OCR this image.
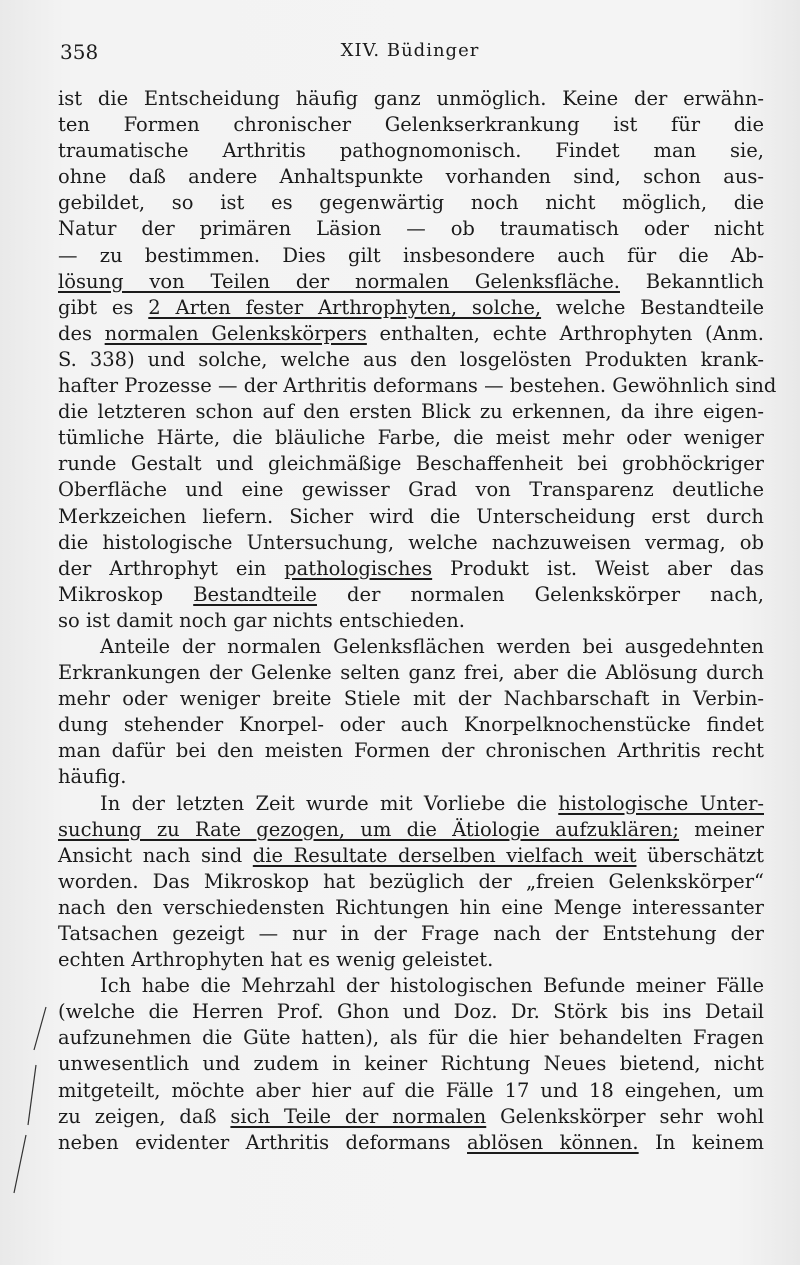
358	XIV. Büdinger
ist die Entscheidung häufig ganz unmöglich. Keine der erwähn-
ten Formen chronischer Gelenkserkrankung ist für die
traumatische Arthritis pathognomonisch. Findet man sie,
ohne daß andere Anhaltspunkte vorhanden sind, schon aus-
gebildet, so ist es gegenwärtig noch nicht möglich, die
Natur der primären Läsion — ob traumatisch oder nicht
— zu bestimmen. Dies gilt insbesondere auch für die Ab-
lösung von Teilen der normalen Gelenksfläche. Bekanntlich
gibt es 2 Arten fester Arthrophyten, solche, welche Bestandteile
des normalen Gelenkskörpers enthalten, echte Arthrophyten (Anm.
S. 338) und solche, welche aus den losgelösten Produkten krank-
hafter Prozesse — der Arthritis deformans — bestehen. Gewöhnlich sind
die letzteren schon auf den ersten Blick zu erkennen, da ihre eigen-
tümliche Härte, die bläuliche Farbe, die meist mehr oder weniger
runde Gestalt und gleichmäßige Beschaffenheit bei grobhöckriger
Oberfläche und eine gewisser Grad von Transparenz deutliche
Merkzeichen liefern. Sicher wird die Unterscheidung erst durch
die histologische Untersuchung, welche nachzuweisen vermag, ob
der Arthrophyt ein pathologisches Produkt ist. Weist aber das
Mikroskop Bestandteile der normalen Gelenkskörper nach,
so ist damit noch gar nichts entschieden.
Anteile der normalen Gelenksflächen werden bei ausgedehnten
Erkrankungen der Gelenke selten ganz frei, aber die Ablösung durch
mehr oder weniger breite Stiele mit der Nachbarschaft in Verbin-
dung stehender Knorpel- oder auch Knorpelknochenstücke findet
man dafür bei den meisten Formen der chronischen Arthritis recht
häufig.
In der letzten Zeit wurde mit Vorliebe die histologische Unter-
suchung zu Rate gezogen, um die Ätiologie aufzuklären; meiner
Ansicht nach sind die Resultate derselben vielfach weit überschätzt
worden. Das Mikroskop hat bezüglich der „freien Gelenkskörper“
nach den verschiedensten Richtungen hin eine Menge interessanter
Tatsachen gezeigt — nur in der Frage nach der Entstehung der
echten Arthrophyten hat es wenig geleistet.
Ich habe die Mehrzahl der histologischen Befunde meiner Fälle
(welche die Herren Prof. Ghon und Doz. Dr. Störk bis ins Detail
aufzunehmen die Güte hatten), als für die hier behandelten Fragen
unwesentlich und zudem in keiner Richtung Neues bietend, nicht
mitgeteilt, möchte aber hier auf die Fälle 17 und 18 eingehen, um
zu zeigen, daß sich Teile der normalen Gelenkskörper sehr wohl
neben evidenter Arthritis deformans ablösen können. In keinem
